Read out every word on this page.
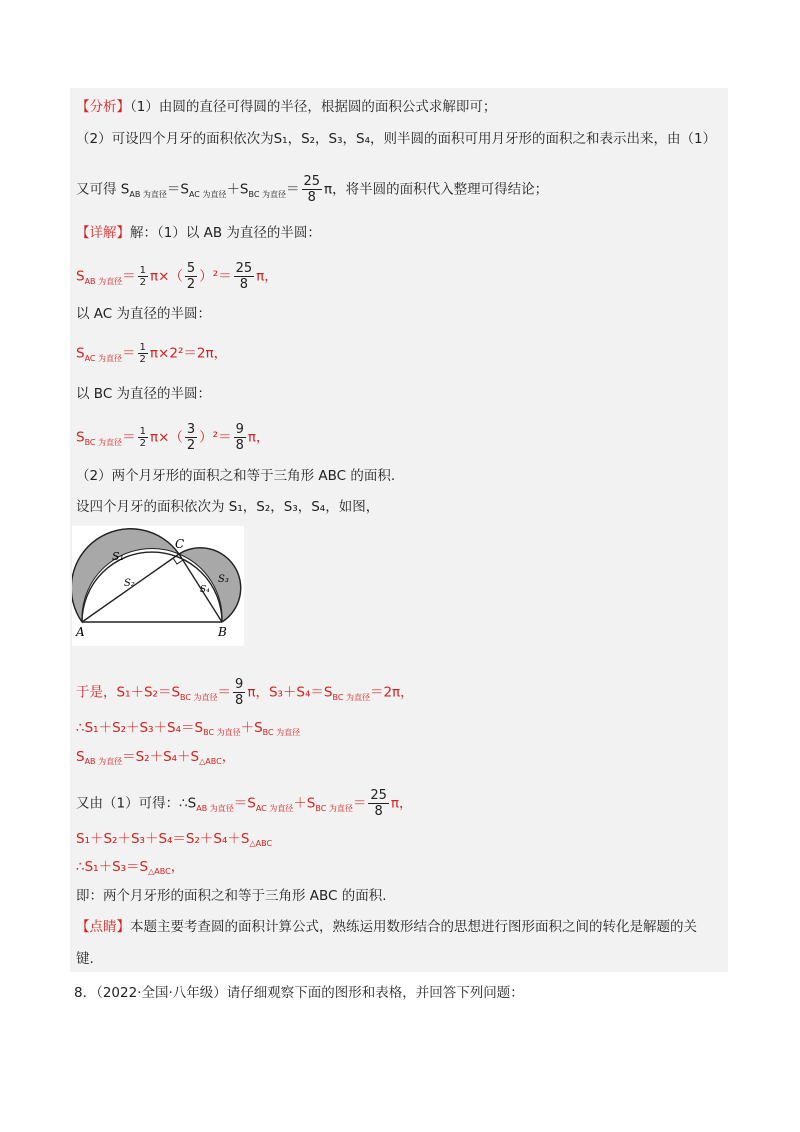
【分析】（1）由圆的直径可得圆的半径，根据圆的面积公式求解即可；
（2）可设四个月牙的面积依次为S₁，S₂，S₃，S₄，则半圆的面积可用月牙形的面积之和表示出来，由（1）
又可得 $S_{AB 为直径}=S_{AC 为直径}+S_{BC 为直径}= \frac{25}{8}$ π，将半圆的面积代入整理可得结论；
【详解】解：（1）以 AB 为直径的半圆：
$S_{AB 为直径}= \frac{1}{2} \pi\times( \frac{5}{2} )^2= \frac{25}{8}$ π，
以 AC 为直径的半圆：
$S_{AC 为直径}= \frac{1}{2} \pi\times 2^2=2\pi$，
以 BC 为直径的半圆：
$S_{BC 为直径}= \frac{1}{2} \pi\times( \frac{3}{2} )^2= \frac{9}{8}$ π，
（2）两个月牙形的面积之和等于三角形 ABC 的面积.
设四个月牙的面积依次为 S₁，S₂，S₃，S₄，如图，
S₁
S₂	S₃
S₄
A	B
C
于是，$S_1+S_2=S_{BC 为直径}= \frac{9}{8}$ π，$S_3+S_4=S_{BC 为直径}=2\pi$，
$\therefore S_1+S_2+S_3+S_4=S_{BC 为直径}+S_{BC 为直径}$
$S_{AB 为直径}=S_2+S_4+S_{\triangle ABC}$，
又由（1）可得：$\therefore S_{AB 为直径}=S_{AC 为直径}+S_{BC 为直径}= \frac{25}{8}$ π，
$S_1+S_2+S_3+S_4=S_2+S_4+S_{\triangle ABC}$
$\therefore S_1+S_3=S_{\triangle ABC}$，
即：两个月牙形的面积之和等于三角形 ABC 的面积.
【点睛】本题主要考查圆的面积计算公式，熟练运用数形结合的思想进行图形面积之间的转化是解题的关
键.
8．（2022·全国·八年级）请仔细观察下面的图形和表格，并回答下列问题：
